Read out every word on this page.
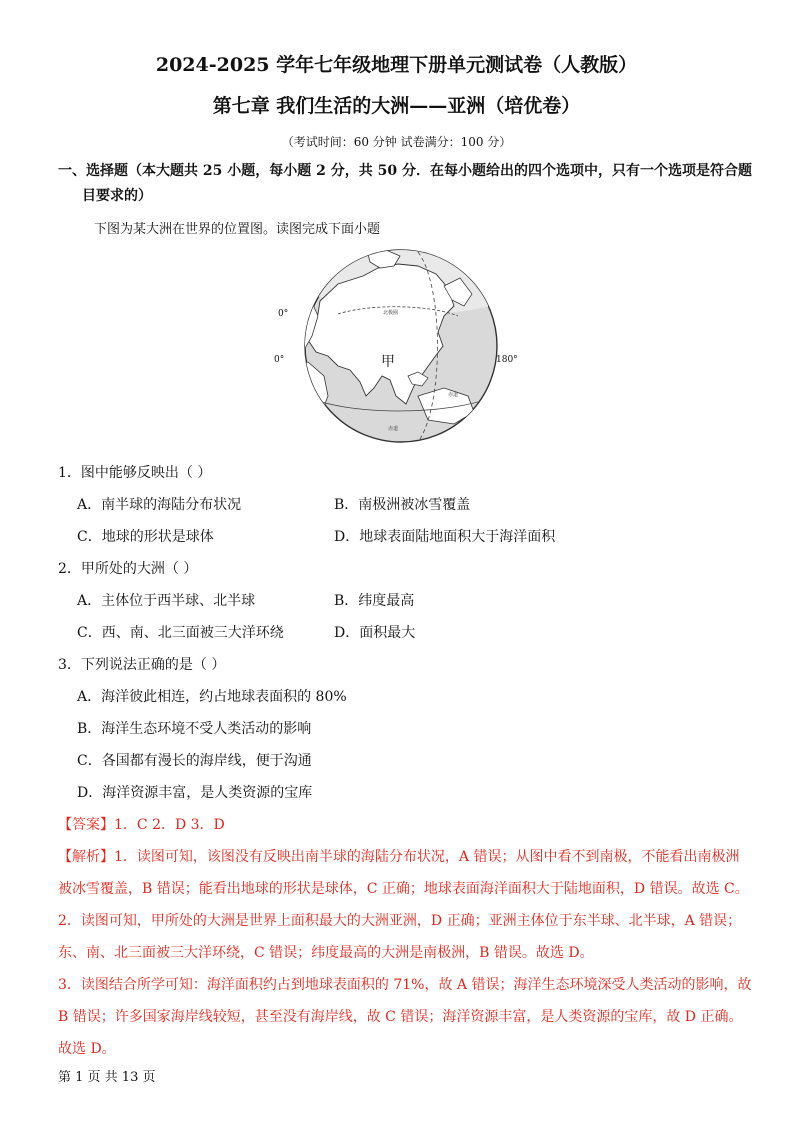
2024-2025 学年七年级地理下册单元测试卷（人教版）
第七章 我们生活的大洲——亚洲（培优卷）
（考试时间：60 分钟 试卷满分：100 分）
一、选择题（本大题共 25 小题，每小题 2 分，共 50 分．在每小题给出的四个选项中，只有一个选项是符合题
目要求的）
下图为某大洲在世界的位置图。读图完成下面小题
甲
0°
0°	180°
北极圈
赤道
赤道
1．图中能够反映出（ ）
A．南半球的海陆分布状况	B．南极洲被冰雪覆盖
C．地球的形状是球体	D．地球表面陆地面积大于海洋面积
2．甲所处的大洲（ ）
A．主体位于西半球、北半球	B．纬度最高
C．西、南、北三面被三大洋环绕	D．面积最大
3．下列说法正确的是（ ）
A．海洋彼此相连，约占地球表面积的 80%
B．海洋生态环境不受人类活动的影响
C．各国都有漫长的海岸线，便于沟通
D．海洋资源丰富，是人类资源的宝库
【答案】1．C 2．D 3．D
【解析】1．读图可知，该图没有反映出南半球的海陆分布状况，A 错误；从图中看不到南极，不能看出南极洲
被冰雪覆盖，B 错误；能看出地球的形状是球体，C 正确；地球表面海洋面积大于陆地面积，D 错误。故选 C。
2．读图可知，甲所处的大洲是世界上面积最大的大洲亚洲，D 正确；亚洲主体位于东半球、北半球，A 错误；
东、南、北三面被三大洋环绕，C 错误；纬度最高的大洲是南极洲，B 错误。故选 D。
3．读图结合所学可知：海洋面积约占到地球表面积的 71%，故 A 错误；海洋生态环境深受人类活动的影响，故
B 错误；许多国家海岸线较短，甚至没有海岸线，故 C 错误；海洋资源丰富，是人类资源的宝库，故 D 正确。
故选 D。
第 1 页 共 13 页
